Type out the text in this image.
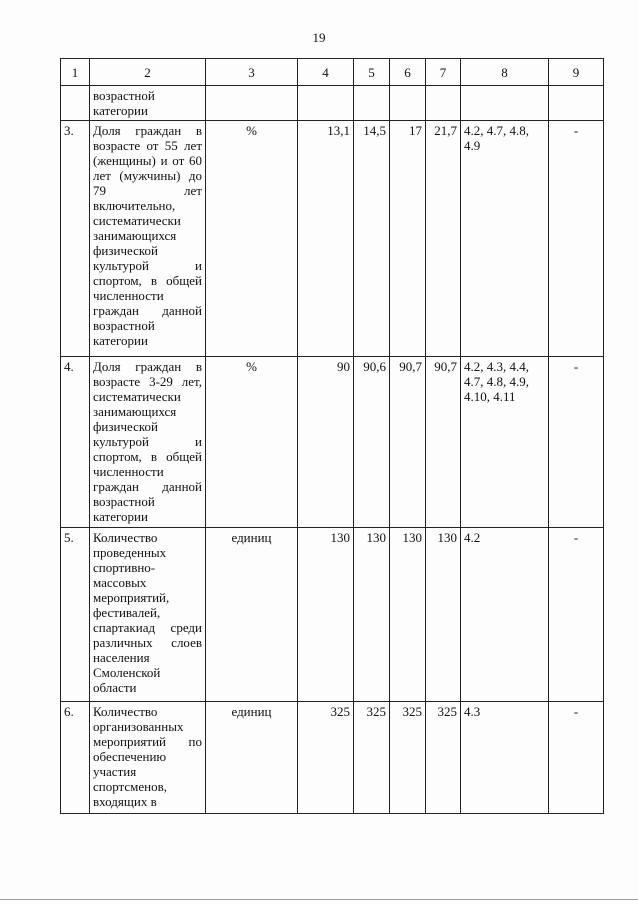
19
1	2	3	4	5	6	7	8	9
	возрастной категории							
3.	Доля граждан в возрасте от 55 лет (женщины) и от 60 лет (мужчины) до 79 лет включительно, систематически занимающихся физической культурой и спортом, в общей численности граждан данной возрастной категории	%	13,1	14,5	17	21,7	4.2, 4.7, 4.8, 4.9	-
4.	Доля граждан в возрасте 3-29 лет, систематически занимающихся физической культурой и спортом, в общей численности граждан данной возрастной категории	%	90	90,6	90,7	90,7	4.2, 4.3, 4.4, 4.7, 4.8, 4.9, 4.10, 4.11	-
5.	Количество проведенных спортивно-массовых мероприятий, фестивалей, спартакиад среди различных слоев населения Смоленской области	единиц	130	130	130	130	4.2	-
6.	Количество организованных мероприятий по обеспечению участия спортсменов, входящих в	единиц	325	325	325	325	4.3	-
